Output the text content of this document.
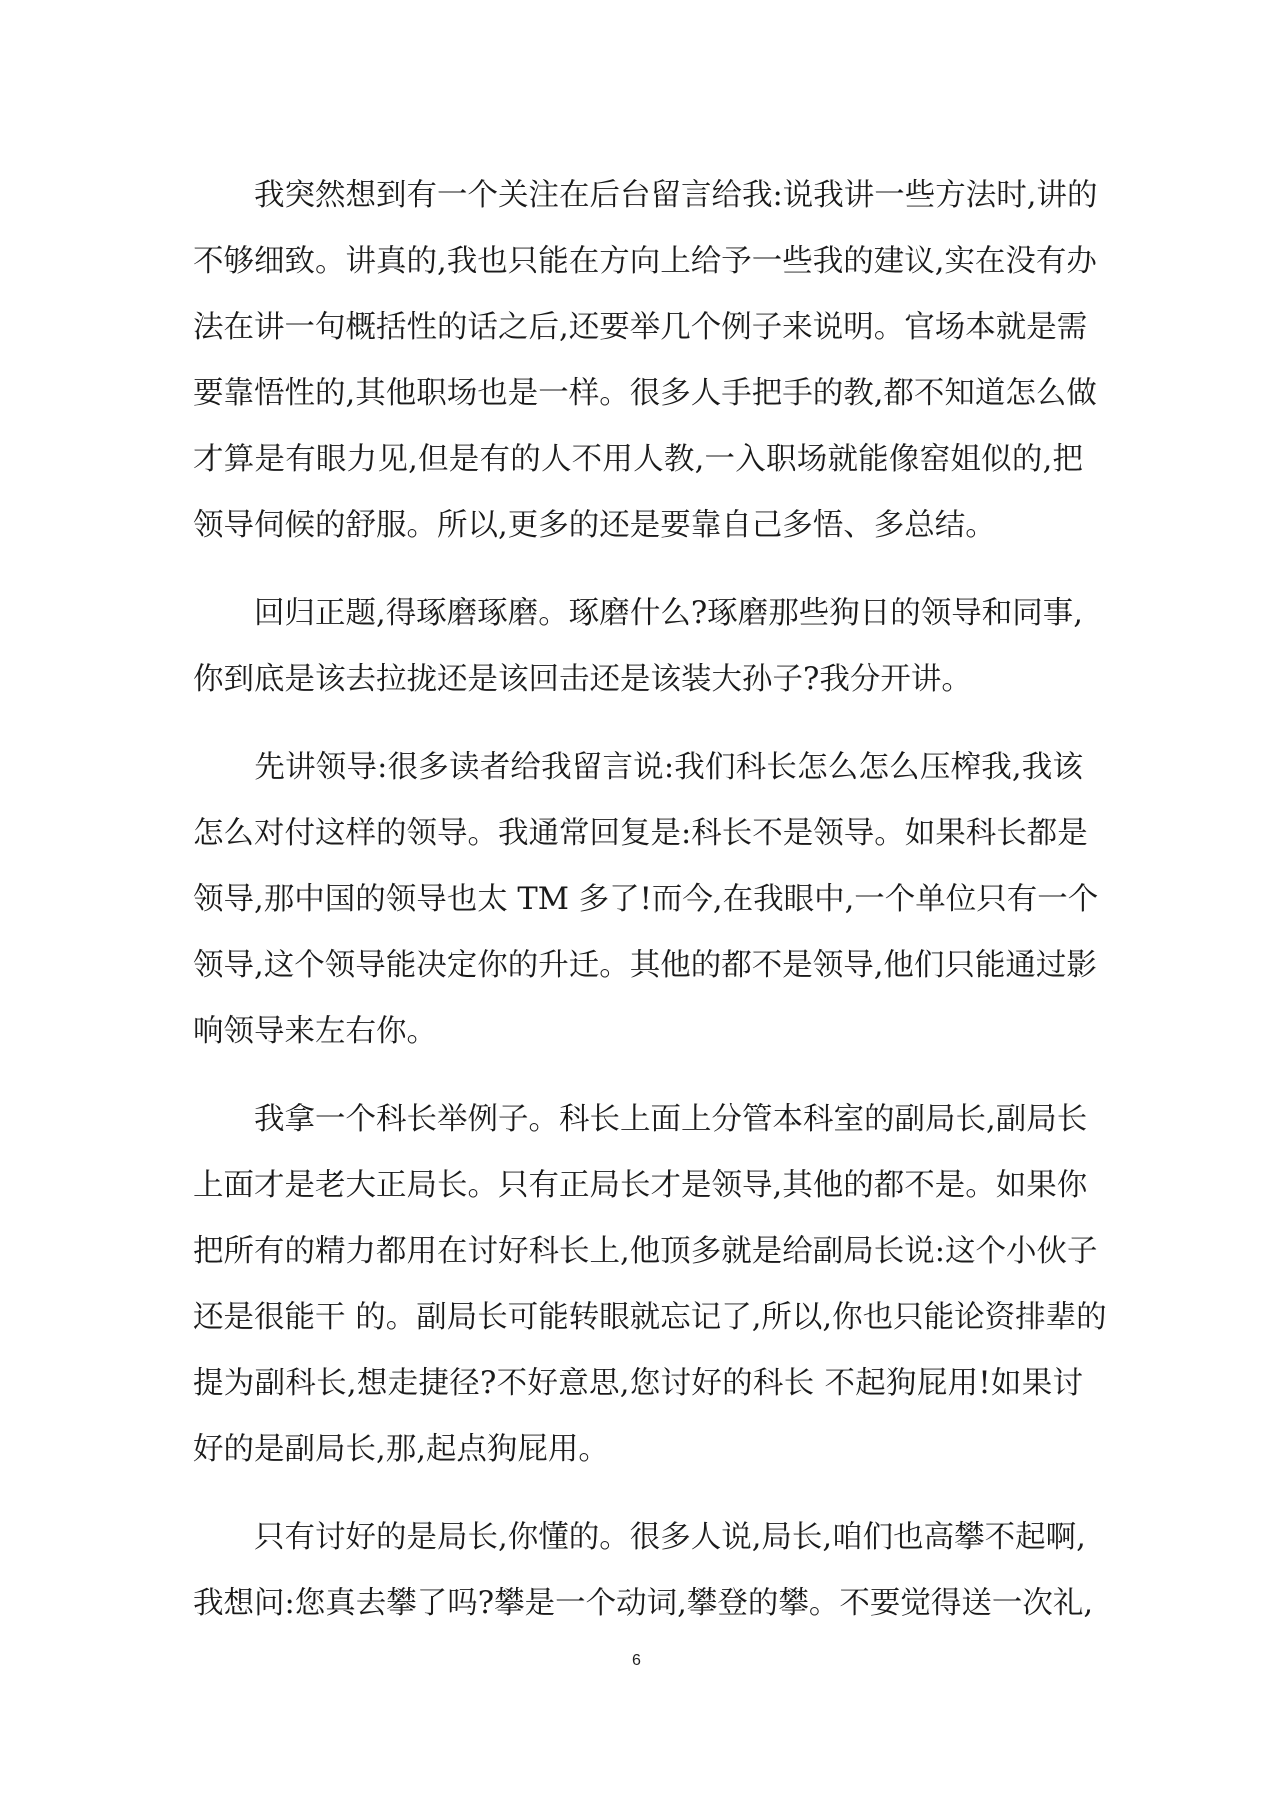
　　我突然想到有一个关注在后台留言给我:说我讲一些方法时,讲的
不够细致。讲真的,我也只能在方向上给予一些我的建议,实在没有办
法在讲一句概括性的话之后,还要举几个例子来说明。官场本就是需
要靠悟性的,其他职场也是一样。很多人手把手的教,都不知道怎么做
才算是有眼力见,但是有的人不用人教,一入职场就能像窑姐似的,把
领导伺候的舒服。所以,更多的还是要靠自己多悟、多总结。
　　回归正题,得琢磨琢磨。琢磨什么?琢磨那些狗日的领导和同事,
你到底是该去拉拢还是该回击还是该装大孙子?我分开讲。
　　先讲领导:很多读者给我留言说:我们科长怎么怎么压榨我,我该
怎么对付这样的领导。我通常回复是:科长不是领导。如果科长都是
领导,那中国的领导也太 TM 多了!而今,在我眼中,一个单位只有一个
领导,这个领导能决定你的升迁。其他的都不是领导,他们只能通过影
响领导来左右你。
　　我拿一个科长举例子。科长上面上分管本科室的副局长,副局长
上面才是老大正局长。只有正局长才是领导,其他的都不是。如果你
把所有的精力都用在讨好科长上,他顶多就是给副局长说:这个小伙子
还是很能干 的。副局长可能转眼就忘记了,所以,你也只能论资排辈的
提为副科长,想走捷径?不好意思,您讨好的科长 不起狗屁用!如果讨
好的是副局长,那,起点狗屁用。
　　只有讨好的是局长,你懂的。很多人说,局长,咱们也高攀不起啊,
我想问:您真去攀了吗?攀是一个动词,攀登的攀。不要觉得送一次礼,
6
